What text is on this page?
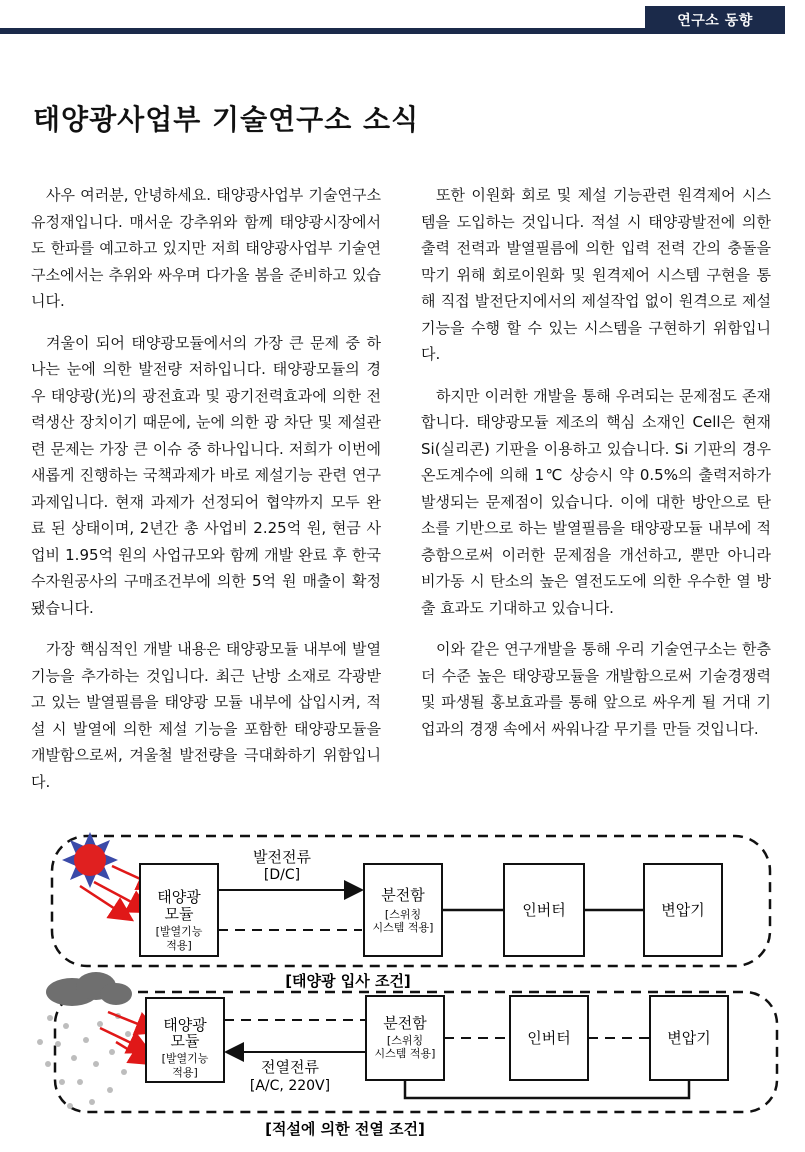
연구소 동향
태양광사업부 기술연구소 소식

사우 여러분, 안녕하세요. 태양광사업부 기술연구소 유정재입니다. 매서운 강추위와 함께 태양광시장에서도 한파를 예고하고 있지만 저희 태양광사업부 기술연구소에서는 추위와 싸우며 다가올 봄을 준비하고 있습니다.

겨울이 되어 태양광모듈에서의 가장 큰 문제 중 하나는 눈에 의한 발전량 저하입니다. 태양광모듈의 경우 태양광(光)의 광전효과 및 광기전력효과에 의한 전력생산 장치이기 때문에, 눈에 의한 광 차단 및 제설관련 문제는 가장 큰 이슈 중 하나입니다. 저희가 이번에 새롭게 진행하는 국책과제가 바로 제설기능 관련 연구과제입니다. 현재 과제가 선정되어 협약까지 모두 완료 된 상태이며, 2년간 총 사업비 2.25억 원, 현금 사업비 1.95억 원의 사업규모와 함께 개발 완료 후 한국수자원공사의 구매조건부에 의한 5억 원 매출이 확정됐습니다.

가장 핵심적인 개발 내용은 태양광모듈 내부에 발열기능을 추가하는 것입니다. 최근 난방 소재로 각광받고 있는 발열필름을 태양광 모듈 내부에 삽입시켜, 적설 시 발열에 의한 제설 기능을 포함한 태양광모듈을 개발함으로써, 겨울철 발전량을 극대화하기 위함입니다.

또한 이원화 회로 및 제설 기능관련 원격제어 시스템을 도입하는 것입니다. 적설 시 태양광발전에 의한 출력 전력과 발열필름에 의한 입력 전력 간의 충돌을 막기 위해 회로이원화 및 원격제어 시스템 구현을 통해 직접 발전단지에서의 제설작업 없이 원격으로 제설 기능을 수행 할 수 있는 시스템을 구현하기 위함입니다.

하지만 이러한 개발을 통해 우려되는 문제점도 존재합니다. 태양광모듈 제조의 핵심 소재인 Cell은 현재 Si(실리콘) 기판을 이용하고 있습니다. Si 기판의 경우 온도계수에 의해 1℃ 상승시 약 0.5%의 출력저하가 발생되는 문제점이 있습니다. 이에 대한 방안으로 탄소를 기반으로 하는 발열필름을 태양광모듈 내부에 적층함으로써 이러한 문제점을 개선하고, 뿐만 아니라 비가동 시 탄소의 높은 열전도도에 의한 우수한 열 방출 효과도 기대하고 있습니다.

이와 같은 연구개발을 통해 우리 기술연구소는 한층 더 수준 높은 태양광모듈을 개발함으로써 기술경쟁력 및 파생될 홍보효과를 통해 앞으로 싸우게 될 거대 기업과의 경쟁 속에서 싸워나갈 무기를 만들 것입니다.

태양광
모듈
[발열기능
적용]
발전전류
[D/C]
분전함
[스위칭
시스템 적용]
인버터	변압기
[태양광 입사 조건]
태양광
모듈
[발열기능
적용]	전열전류
[A/C, 220V]
분전함
[스위칭
시스템 적용]
인버터	변압기
[적설에 의한 전열 조건]
